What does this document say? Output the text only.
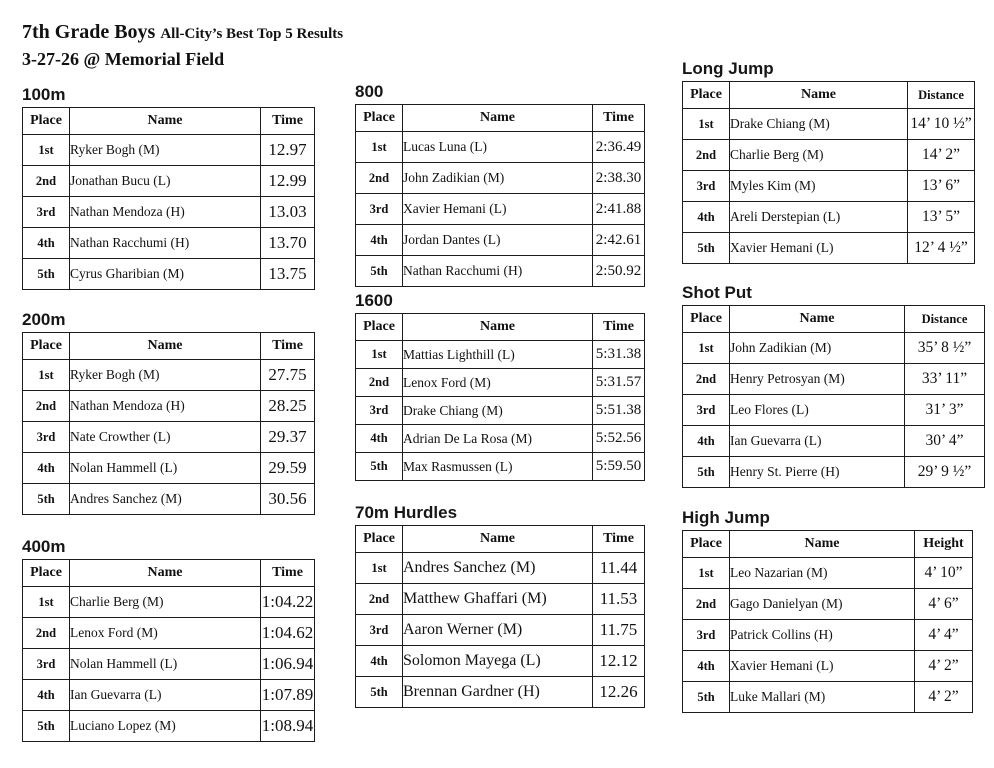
7th Grade Boys All-City’s Best Top 5 Results
3-27-26 @ Memorial Field
100m
Place	Name	Time
1st	Ryker Bogh (M)	12.97
2nd	Jonathan Bucu (L)	12.99
3rd	Nathan Mendoza (H)	13.03
4th	Nathan Racchumi (H)	13.70
5th	Cyrus Gharibian (M)	13.75
200m
Place	Name	Time
1st	Ryker Bogh (M)	27.75
2nd	Nathan Mendoza (H)	28.25
3rd	Nate Crowther (L)	29.37
4th	Nolan Hammell (L)	29.59
5th	Andres Sanchez (M)	30.56
400m
Place	Name	Time
1st	Charlie Berg (M)	1:04.22
2nd	Lenox Ford (M)	1:04.62
3rd	Nolan Hammell (L)	1:06.94
4th	Ian Guevarra (L)	1:07.89
5th	Luciano Lopez (M)	1:08.94
800
Place	Name	Time
1st	Lucas Luna (L)	2:36.49
2nd	John Zadikian (M)	2:38.30
3rd	Xavier Hemani (L)	2:41.88
4th	Jordan Dantes (L)	2:42.61
5th	Nathan Racchumi (H)	2:50.92
1600
Place	Name	Time
1st	Mattias Lighthill (L)	5:31.38
2nd	Lenox Ford (M)	5:31.57
3rd	Drake Chiang (M)	5:51.38
4th	Adrian De La Rosa (M)	5:52.56
5th	Max Rasmussen (L)	5:59.50
70m Hurdles
Place	Name	Time
1st	Andres Sanchez (M)	11.44
2nd	Matthew Ghaffari (M)	11.53
3rd	Aaron Werner (M)	11.75
4th	Solomon Mayega (L)	12.12
5th	Brennan Gardner (H)	12.26
Long Jump
Place	Name	Distance
1st	Drake Chiang (M)	14’ 10 ½”
2nd	Charlie Berg (M)	14’ 2”
3rd	Myles Kim (M)	13’ 6”
4th	Areli Derstepian (L)	13’ 5”
5th	Xavier Hemani (L)	12’ 4 ½”
Shot Put
Place	Name	Distance
1st	John Zadikian (M)	35’ 8 ½”
2nd	Henry Petrosyan (M)	33’ 11”
3rd	Leo Flores (L)	31’ 3”
4th	Ian Guevarra (L)	30’ 4”
5th	Henry St. Pierre (H)	29’ 9 ½”
High Jump
Place	Name	Height
1st	Leo Nazarian (M)	4’ 10”
2nd	Gago Danielyan (M)	4’ 6”
3rd	Patrick Collins (H)	4’ 4”
4th	Xavier Hemani (L)	4’ 2”
5th	Luke Mallari (M)	4’ 2”
